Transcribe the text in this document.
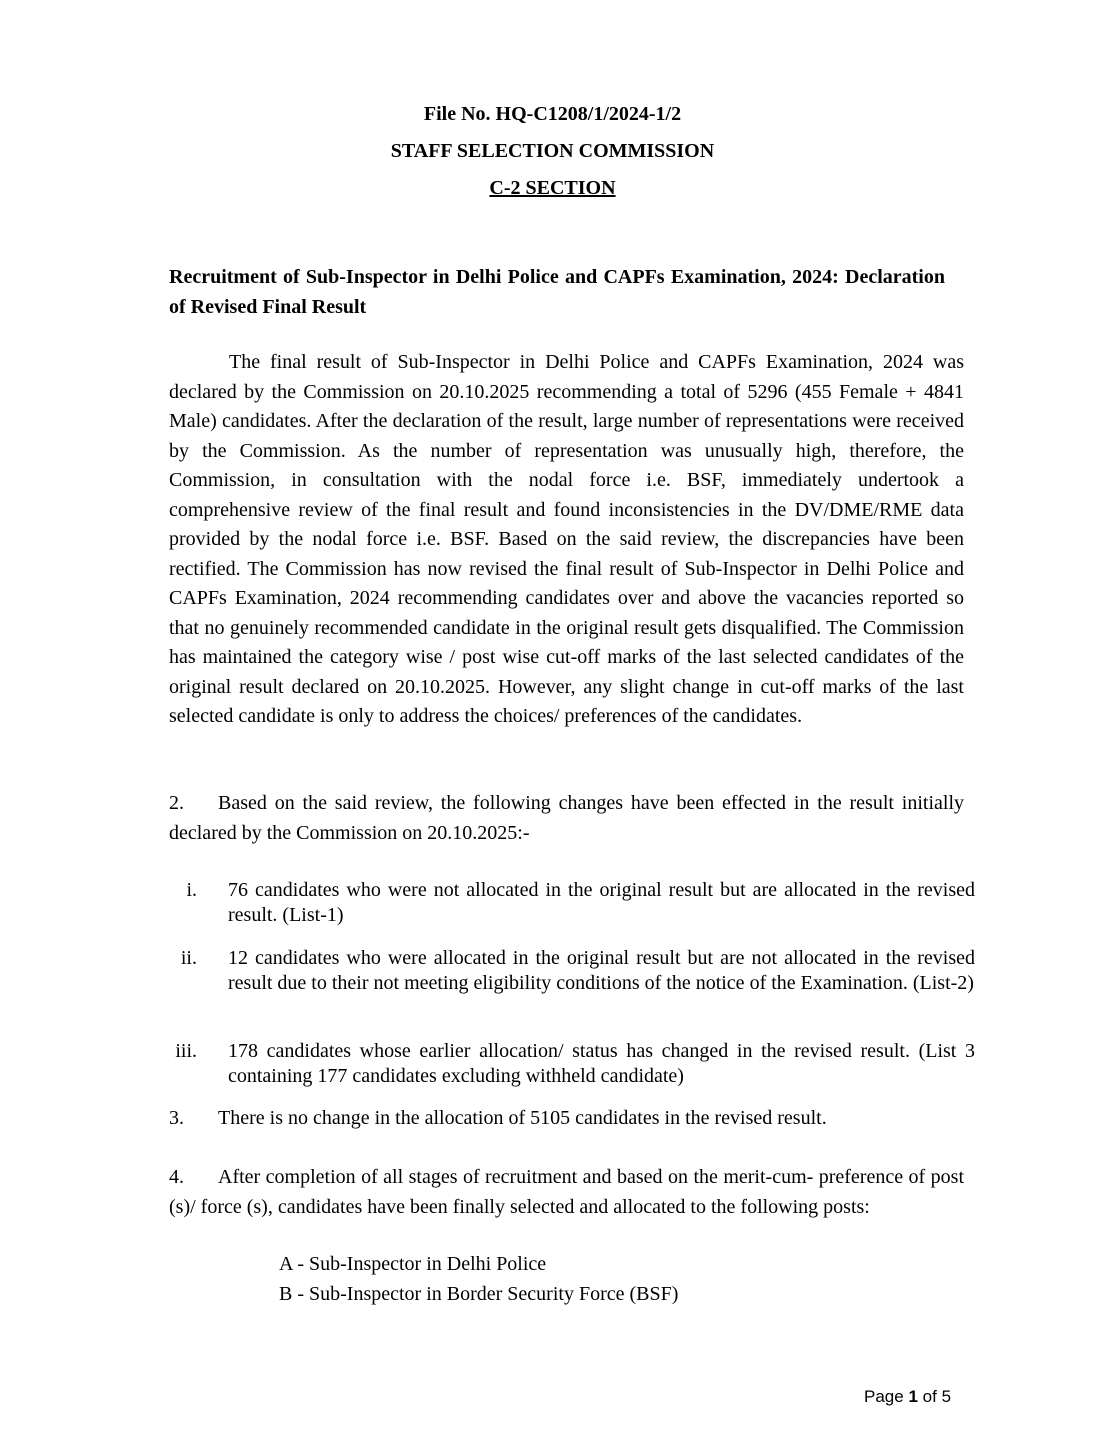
File No. HQ-C1208/1/2024-1/2
STAFF SELECTION COMMISSION
C-2 SECTION
Recruitment of Sub-Inspector in Delhi Police and CAPFs Examination, 2024: Declaration of Revised Final Result
The final result of Sub-Inspector in Delhi Police and CAPFs Examination, 2024 was declared by the Commission on 20.10.2025 recommending a total of 5296 (455 Female + 4841 Male) candidates. After the declaration of the result, large number of representations were received by the Commission. As the number of representation was unusually high, therefore, the Commission, in consultation with the nodal force i.e. BSF, immediately undertook a comprehensive review of the final result and found inconsistencies in the DV/DME/RME data provided by the nodal force i.e. BSF. Based on the said review, the discrepancies have been rectified. The Commission has now revised the final result of Sub-Inspector in Delhi Police and CAPFs Examination, 2024 recommending candidates over and above the vacancies reported so that no genuinely recommended candidate in the original result gets disqualified. The Commission has maintained the category wise / post wise cut-off marks of the last selected candidates of the original result declared on 20.10.2025. However, any slight change in cut-off marks of the last selected candidate is only to address the choices/ preferences of the candidates.
2. Based on the said review, the following changes have been effected in the result initially declared by the Commission on 20.10.2025:-
i. 76 candidates who were not allocated in the original result but are allocated in the revised result. (List-1)
ii. 12 candidates who were allocated in the original result but are not allocated in the revised result due to their not meeting eligibility conditions of the notice of the Examination. (List-2)
iii. 178 candidates whose earlier allocation/ status has changed in the revised result. (List 3 containing 177 candidates excluding withheld candidate)
3. There is no change in the allocation of 5105 candidates in the revised result.
4. After completion of all stages of recruitment and based on the merit-cum- preference of post (s)/ force (s), candidates have been finally selected and allocated to the following posts:
A - Sub-Inspector in Delhi Police
B - Sub-Inspector in Border Security Force (BSF)
Page 1 of 5
